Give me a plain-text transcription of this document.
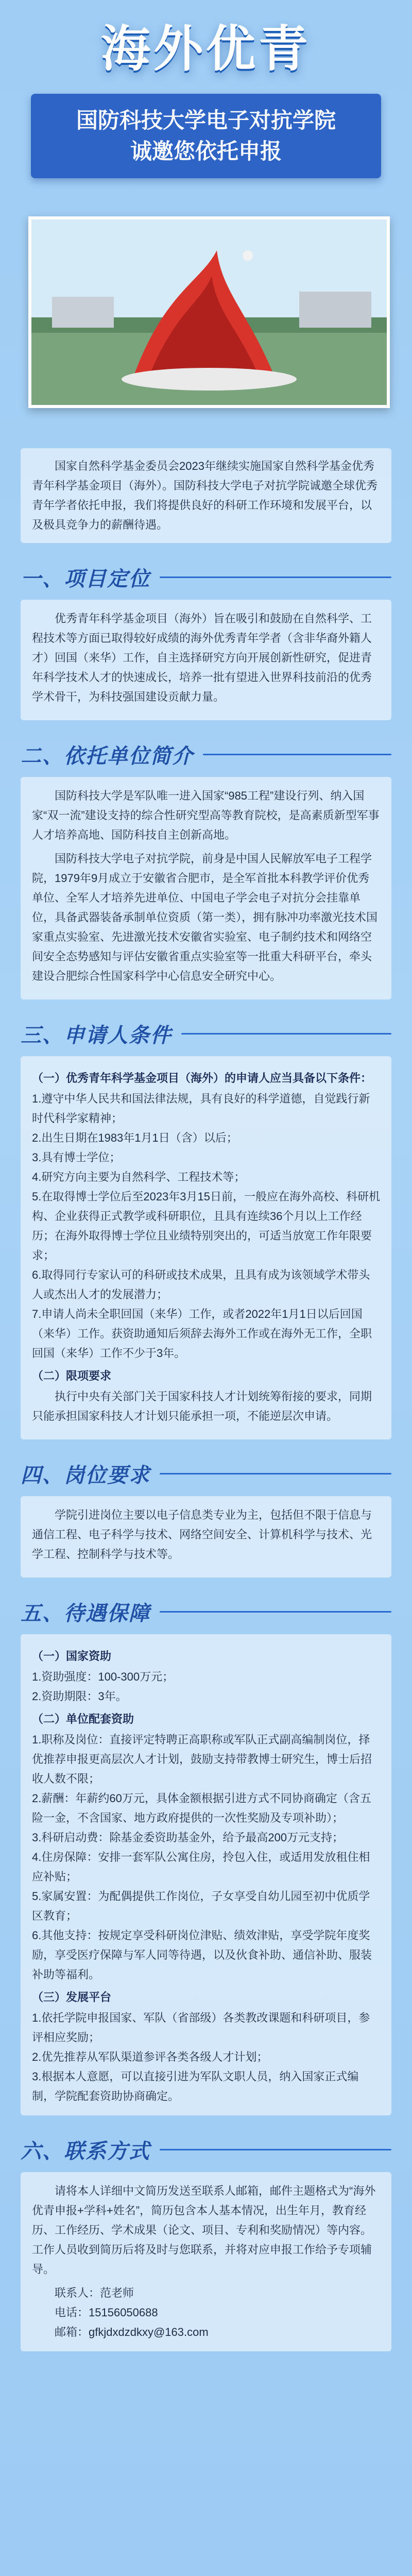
海外优青
国防科技大学电子对抗学院
诚邀您依托申报

国家自然科学基金委员会2023年继续实施国家自然科学基金优秀青年科学基金项目（海外）。国防科技大学电子对抗学院诚邀全球优秀青年学者依托申报，我们将提供良好的科研工作环境和发展平台，以及极具竞争力的薪酬待遇。

一、项目定位

优秀青年科学基金项目（海外）旨在吸引和鼓励在自然科学、工程技术等方面已取得较好成绩的海外优秀青年学者（含非华裔外籍人才）回国（来华）工作，自主选择研究方向开展创新性研究，促进青年科学技术人才的快速成长，培养一批有望进入世界科技前沿的优秀学术骨干，为科技强国建设贡献力量。

二、依托单位简介

国防科技大学是军队唯一进入国家“985工程”建设行列、纳入国家“双一流”建设支持的综合性研究型高等教育院校，是高素质新型军事人才培养高地、国防科技自主创新高地。

国防科技大学电子对抗学院，前身是中国人民解放军电子工程学院，1979年9月成立于安徽省合肥市，是全军首批本科教学评价优秀单位、全军人才培养先进单位、中国电子学会电子对抗分会挂靠单位，具备武器装备承制单位资质（第一类），拥有脉冲功率激光技术国家重点实验室、先进激光技术安徽省实验室、电子制约技术和网络空间安全态势感知与评估安徽省重点实验室等一批重大科研平台，牵头建设合肥综合性国家科学中心信息安全研究中心。

三、申请人条件

（一）优秀青年科学基金项目（海外）的申请人应当具备以下条件：

1.遵守中华人民共和国法律法规，具有良好的科学道德，自觉践行新时代科学家精神；

2.出生日期在1983年1月1日（含）以后；

3.具有博士学位；

4.研究方向主要为自然科学、工程技术等；

5.在取得博士学位后至2023年3月15日前，一般应在海外高校、科研机构、企业获得正式教学或科研职位，且具有连续36个月以上工作经历；在海外取得博士学位且业绩特别突出的，可适当放宽工作年限要求；

6.取得同行专家认可的科研或技术成果，且具有成为该领域学术带头人或杰出人才的发展潜力；

7.申请人尚未全职回国（来华）工作，或者2022年1月1日以后回国（来华）工作。获资助通知后须辞去海外工作或在海外无工作，全职回国（来华）工作不少于3年。

（二）限项要求

执行中央有关部门关于国家科技人才计划统筹衔接的要求，同期只能承担国家科技人才计划只能承担一项，不能逆层次申请。

四、岗位要求

学院引进岗位主要以电子信息类专业为主，包括但不限于信息与通信工程、电子科学与技术、网络空间安全、计算机科学与技术、光学工程、控制科学与技术等。

五、待遇保障

（一）国家资助

1.资助强度：100-300万元；

2.资助期限：3年。

（二）单位配套资助

1.职称及岗位：直接评定特聘正高职称或军队正式副高编制岗位，择优推荐申报更高层次人才计划，鼓励支持带教博士研究生，博士后招收人数不限；

2.薪酬：年薪约60万元，具体金额根据引进方式不同协商确定（含五险一金，不含国家、地方政府提供的一次性奖励及专项补助）；

3.科研启动费：除基金委资助基金外，给予最高200万元支持；

4.住房保障：安排一套军队公寓住房，拎包入住，或适用发放租住相应补贴；

5.家属安置：为配偶提供工作岗位，子女享受自幼儿园至初中优质学区教育；

6.其他支持：按规定享受科研岗位津贴、绩效津贴，享受学院年度奖励，享受医疗保障与军人同等待遇，以及伙食补助、通信补助、服装补助等福利。

（三）发展平台

1.依托学院申报国家、军队（省部级）各类教改课题和科研项目，参评相应奖励；

2.优先推荐从军队渠道参评各类各级人才计划；

3.根据本人意愿，可以直接引进为军队文职人员，纳入国家正式编制，学院配套资助协商确定。

六、联系方式

请将本人详细中文简历发送至联系人邮箱，邮件主题格式为“海外优青申报+学科+姓名”，简历包含本人基本情况，出生年月，教育经历、工作经历、学术成果（论文、项目、专利和奖励情况）等内容。工作人员收到简历后将及时与您联系，并将对应申报工作给予专项辅导。

联系人：范老师

电话：15156050688

邮箱：gfkjdxdzdkxy@163.com
